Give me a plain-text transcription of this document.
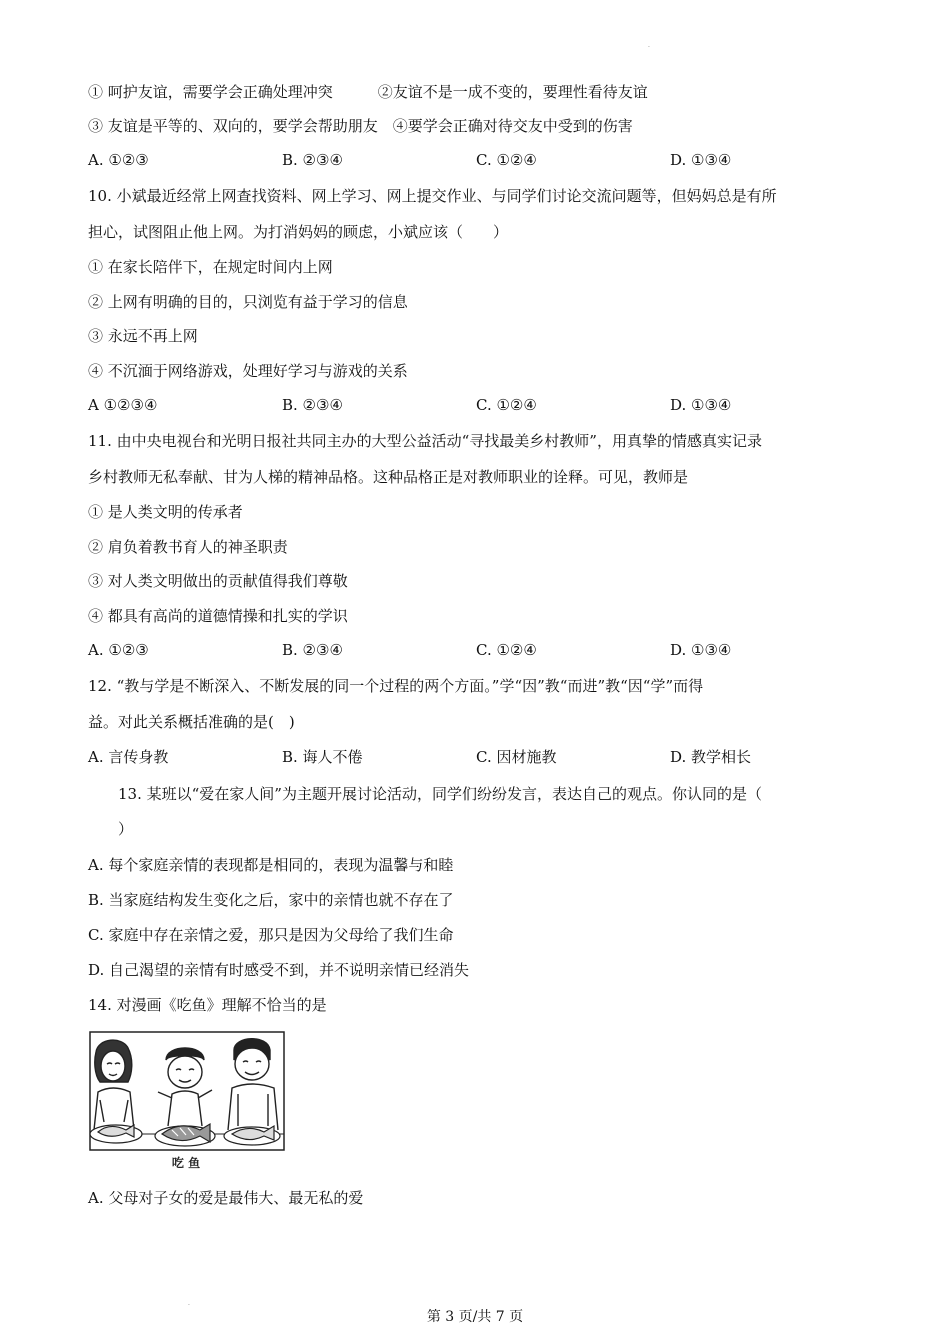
.
① 呵护友谊，需要学会正确处理冲突　　　②友谊不是一成不变的，要理性看待友谊
③ 友谊是平等的、双向的，要学会帮助朋友　④要学会正确对待交友中受到的伤害
A. ①②③	B. ②③④	C. ①②④	D. ①③④
10. 小斌最近经常上网查找资料、网上学习、网上提交作业、与同学们讨论交流问题等，但妈妈总是有所
担心，试图阻止他上网。为打消妈妈的顾虑，小斌应该（　　）
① 在家长陪伴下，在规定时间内上网
② 上网有明确的目的，只浏览有益于学习的信息
③ 永远不再上网
④ 不沉湎于网络游戏，处理好学习与游戏的关系
A ①②③④	B. ②③④	C. ①②④	D. ①③④
11. 由中央电视台和光明日报社共同主办的大型公益活动“寻找最美乡村教师”，用真挚的情感真实记录
乡村教师无私奉献、甘为人梯的精神品格。这种品格正是对教师职业的诠释。可见，教师是
① 是人类文明的传承者
② 肩负着教书育人的神圣职责
③ 对人类文明做出的贡献值得我们尊敬
④ 都具有高尚的道德情操和扎实的学识
A. ①②③	B. ②③④	C. ①②④	D. ①③④
12. “教与学是不断深入、不断发展的同一个过程的两个方面。”学“因”教“而进”教“因“学”而得
益。对此关系概括准确的是(　)
A. 言传身教	B. 诲人不倦	C. 因材施教	D. 教学相长
13. 某班以“爱在家人间”为主题开展讨论活动，同学们纷纷发言，表达自己的观点。你认同的是（
）
A. 每个家庭亲情的表现都是相同的，表现为温馨与和睦
B. 当家庭结构发生变化之后，家中的亲情也就不存在了
C. 家庭中存在亲情之爱，那只是因为父母给了我们生命
D. 自己渴望的亲情有时感受不到，并不说明亲情已经消失
14. 对漫画《吃鱼》理解不恰当的是
吃 鱼
A. 父母对子女的爱是最伟大、最无私的爱
.
第 3 页/共 7 页
